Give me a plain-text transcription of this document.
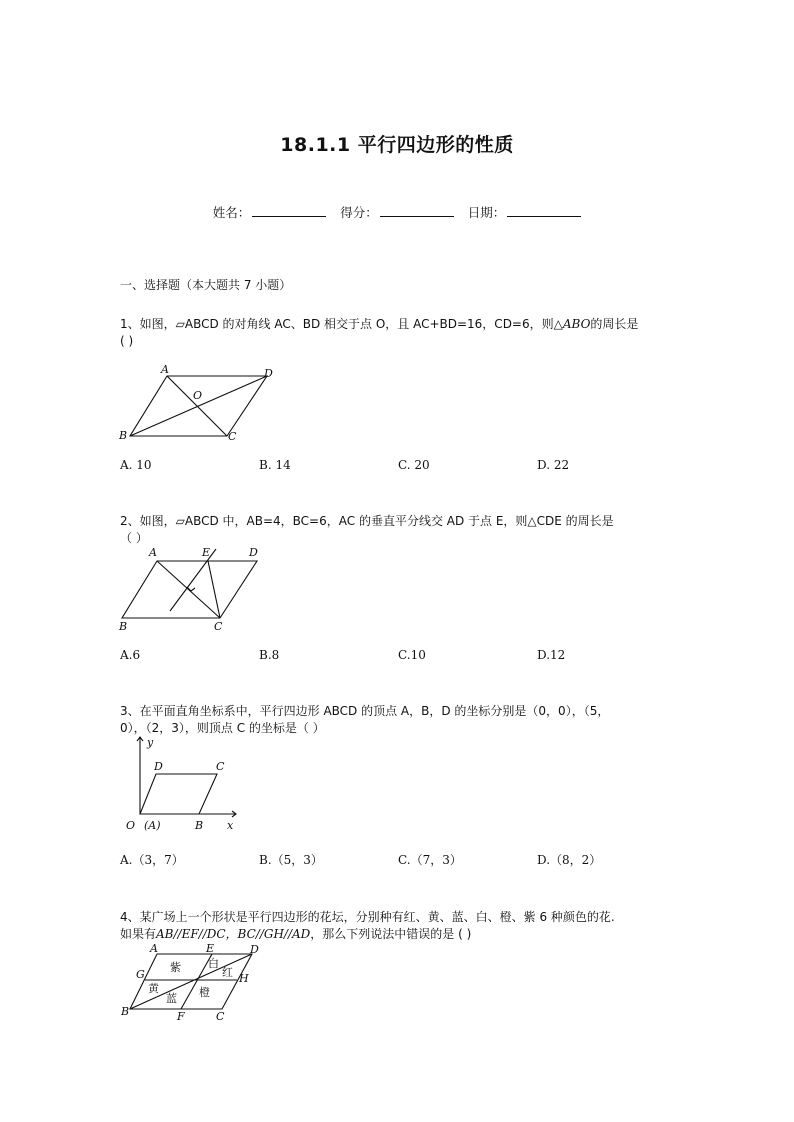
18.1.1 平行四边形的性质
姓名：	得分：	日期：
一、选择题（本大题共 7 小题）
1、如图，▱ABCD 的对角线 AC、BD 相交于点 O，且 AC+BD=16，CD=6，则△ABO的周长是
( )
A	D
O
B	C
A. 10	B. 14	C. 20	D. 22
2、如图，▱ABCD 中，AB=4，BC=6，AC 的垂直平分线交 AD 于点 E，则△CDE 的周长是
（ ）
A	E	D
B	C
A.6	B.8	C.10	D.12
3、在平面直角坐标系中，平行四边形 ABCD 的顶点 A，B，D 的坐标分别是（0，0），（5，
0），（2，3），则顶点 C 的坐标是（ ）
y
D	C
O (A)	B x
A.（3，7）	B.（5，3）	C.（7，3）	D.（8，2）
4、某广场上一个形状是平行四边形的花坛，分别种有红、黄、蓝、白、橙、紫 6 种颜色的花.
如果有AB//EF//DC，BC//GH//AD，那么下列说法中错误的是 ( )
A	E	D
G	H
B	F	C
紫 白
红
黄
蓝 橙
